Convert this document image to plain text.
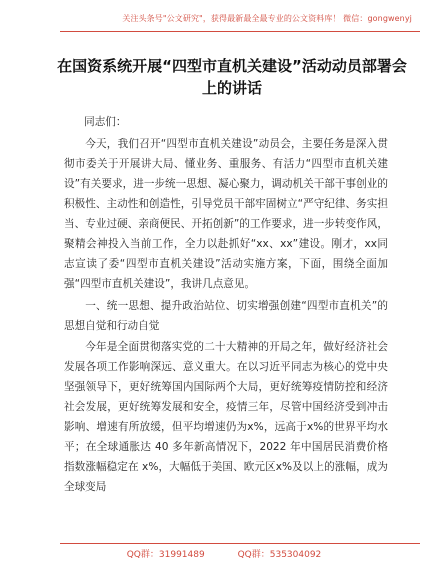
关注头条号"公文研究"，获得最新最全最专业的公文资料库！ 微信：gongwenyj
在国资系统开展“四型市直机关建设”活动动员部署会上的讲话

同志们：

今天，我们召开“四型市直机关建设”动员会，主要任务是深入贯彻市委关于开展讲大局、懂业务、重服务、有活力“四型市直机关建设”有关要求，进一步统一思想、凝心聚力，调动机关干部干事创业的积极性、主动性和创造性，引导党员干部牢固树立“严守纪律、务实担当、专业过硬、亲商便民、开拓创新”的工作要求，进一步转变作风，聚精会神投入当前工作，全力以赴抓好“xx、xx”建设。刚才，xx同志宣读了委“四型市直机关建设”活动实施方案，下面，围绕全面加强“四型市直机关建设”，我讲几点意见。

一、统一思想、提升政治站位、切实增强创建“四型市直机关”的思想自觉和行动自觉

今年是全面贯彻落实党的二十大精神的开局之年，做好经济社会发展各项工作影响深远、意义重大。在以习近平同志为核心的党中央坚强领导下，更好统筹国内国际两个大局，更好统筹疫情防控和经济社会发展，更好统筹发展和安全，疫情三年，尽管中国经济受到冲击影响、增速有所放缓，但平均增速仍为x%，远高于x%的世界平均水平；在全球通胀达 40 多年新高情况下，2022 年中国居民消费价格指数涨幅稳定在 x%，大幅低于美国、欧元区x%及以上的涨幅，成为全球变局

QQ群：31991489	QQ群：535304092
